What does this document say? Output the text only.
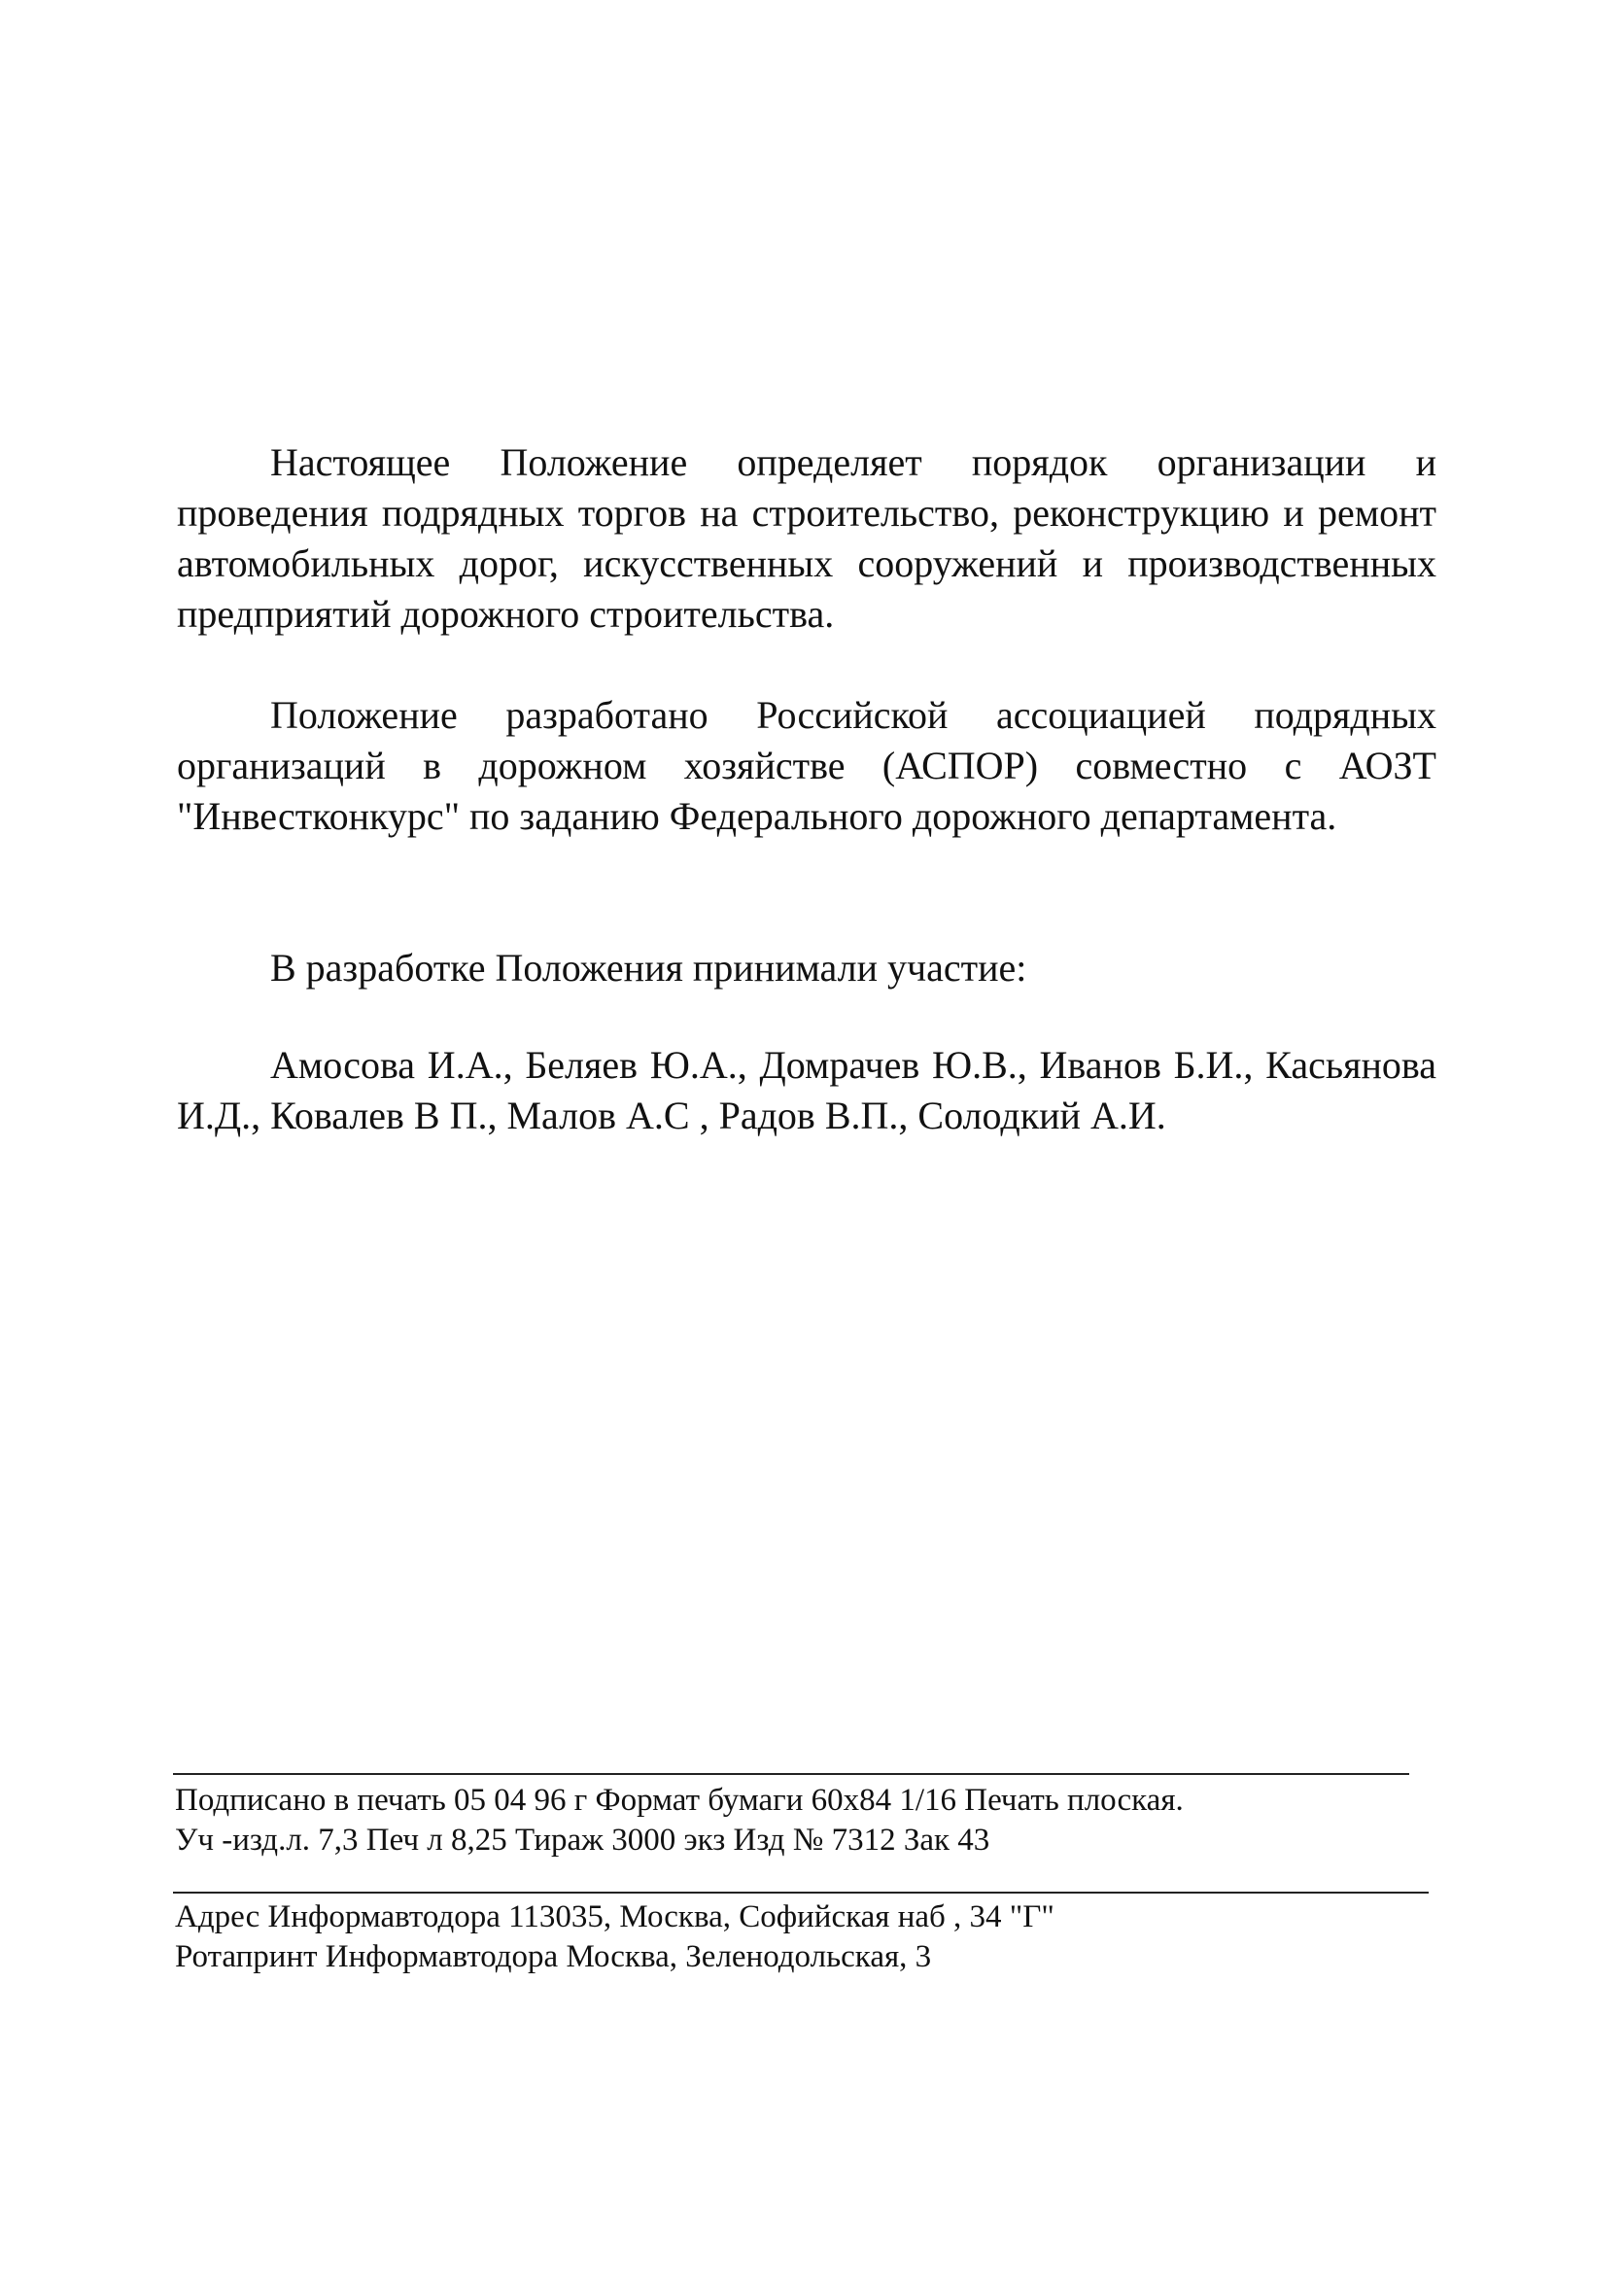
Настоящее Положение определяет порядок организации и проведения подрядных торгов на строительство, реконструкцию и ремонт автомобильных дорог, искусственных сооружений и производственных предприятий дорожного строительства.

Положение разработано Российской ассоциацией подрядных организаций в дорожном хозяйстве (АСПОР) совместно с АОЗТ "Инвестконкурс" по заданию Федерального дорожного департамента.

В разработке Положения принимали участие:

Амосова И.А., Беляев Ю.А., Домрачев Ю.В., Иванов Б.И., Касьянова И.Д., Ковалев В П., Малов А.С , Радов В.П., Солодкий А.И.

Подписано в печать 05 04 96 г Формат бумаги 60x84 1/16 Печать плоская.
Уч -изд.л. 7,3 Печ л 8,25 Тираж 3000 экз Изд № 7312 Зак 43
Адрес Информавтодора 113035, Москва, Софийская наб , 34 "Г"
Ротапринт Информавтодора Москва, Зеленодольская, 3
